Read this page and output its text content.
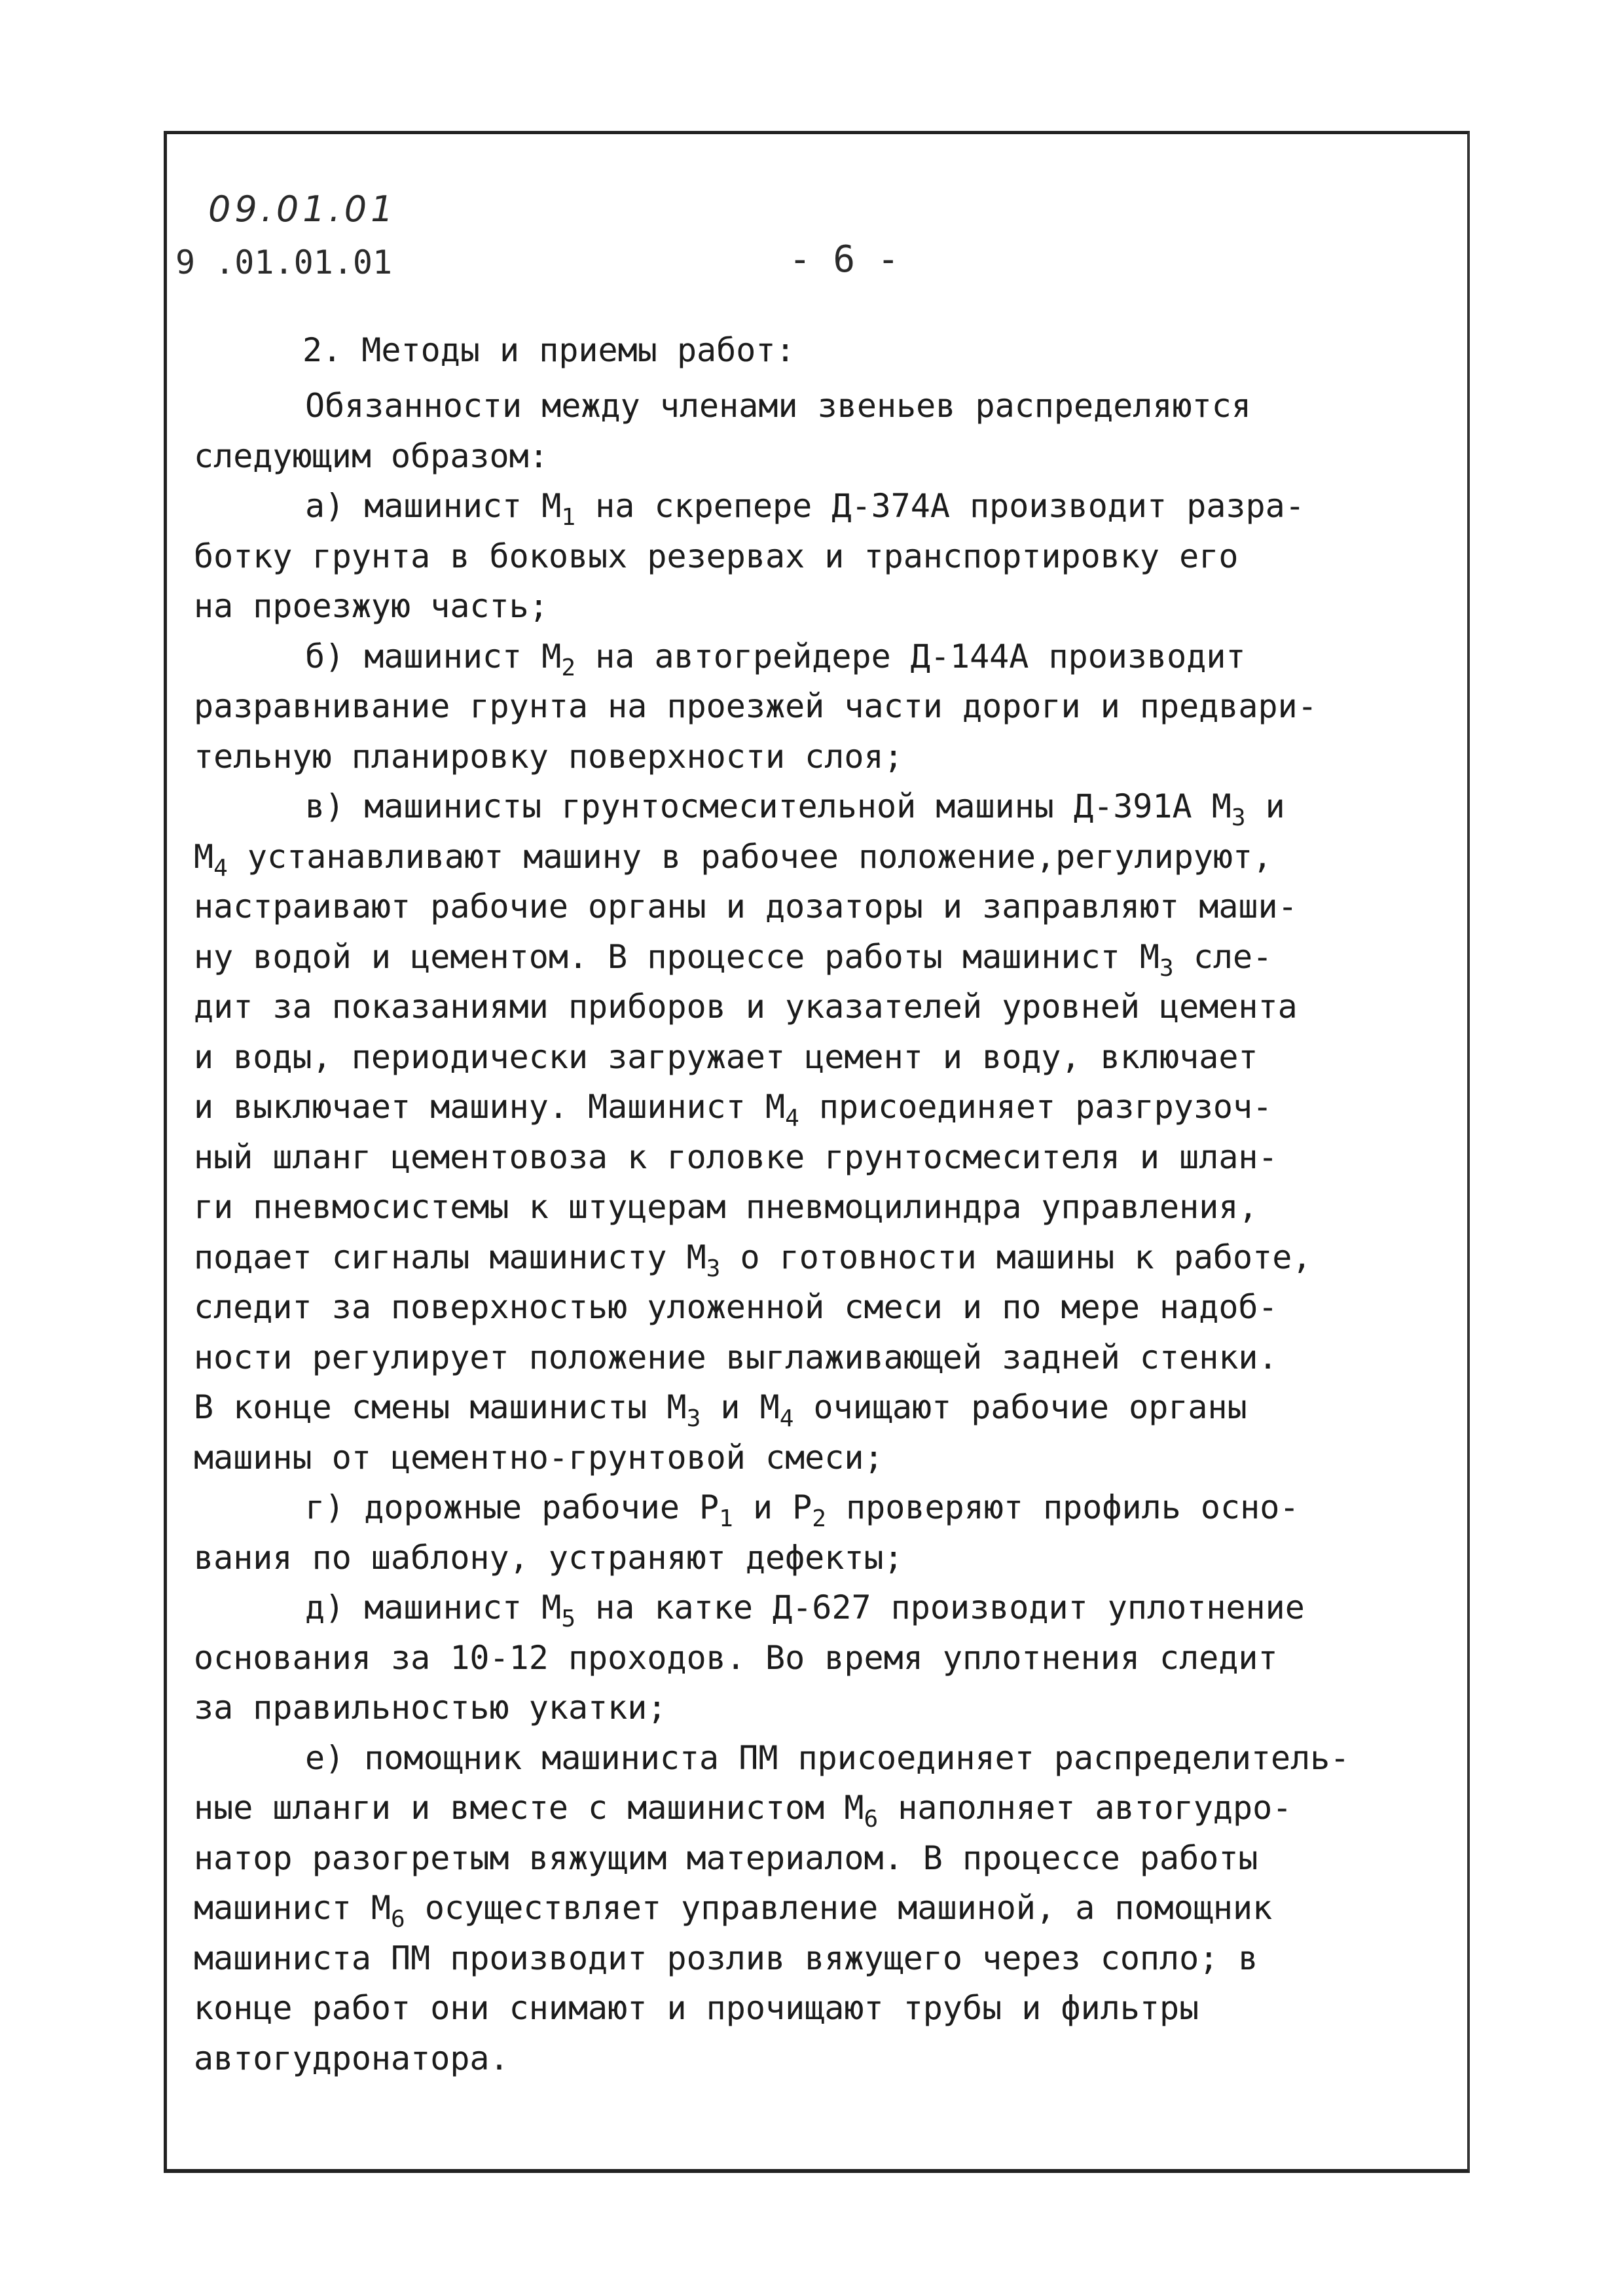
09.01.01
9 .01.01.01	- 6 -
2. Методы и приемы работ:
Обязанности между членами звеньев распределяются
следующим образом:
а) машинист $М_1$ на скрепере Д-374А производит разра-
ботку грунта в боковых резервах и транспортировку его
на проезжую часть;
б) машинист $М_2$ на автогрейдере Д-144А производит
разравнивание грунта на проезжей части дороги и предвари-
тельную планировку поверхности слоя;
в) машинисты грунтосмесительной машины Д-391А $М_3$ и
$М_4$ устанавливают машину в рабочее положение,регулируют,
настраивают рабочие органы и дозаторы и заправляют маши-
ну водой и цементом. В процессе работы машинист $М_3$ сле-
дит за показаниями приборов и указателей уровней цемента
и воды, периодически загружает цемент и воду, включает
и выключает машину. Машинист $М_4$ присоединяет разгрузоч-
ный шланг цементовоза к головке грунтосмесителя и шлан-
ги пневмосистемы к штуцерам пневмоцилиндра управления,
подает сигналы машинисту $М_3$ о готовности машины к работе,
следит за поверхностью уложенной смеси и по мере надоб-
ности регулирует положение выглаживающей задней стенки.
В конце смены машинисты $М_3$ и $М_4$ очищают рабочие органы
машины от цементно-грунтовой смеси;
г) дорожные рабочие $Р_1$ и $Р_2$ проверяют профиль осно-
вания по шаблону, устраняют дефекты;
д) машинист $М_5$ на катке Д-627 производит уплотнение
основания за 10-12 проходов. Во время уплотнения следит
за правильностью укатки;
е) помощник машиниста ПМ присоединяет распределитель-
ные шланги и вместе с машинистом $М_6$ наполняет автогудро-
натор разогретым вяжущим материалом. В процессе работы
машинист $М_6$ осуществляет управление машиной, а помощник
машиниста ПМ производит розлив вяжущего через сопло; в
конце работ они снимают и прочищают трубы и фильтры
автогудронатора.
